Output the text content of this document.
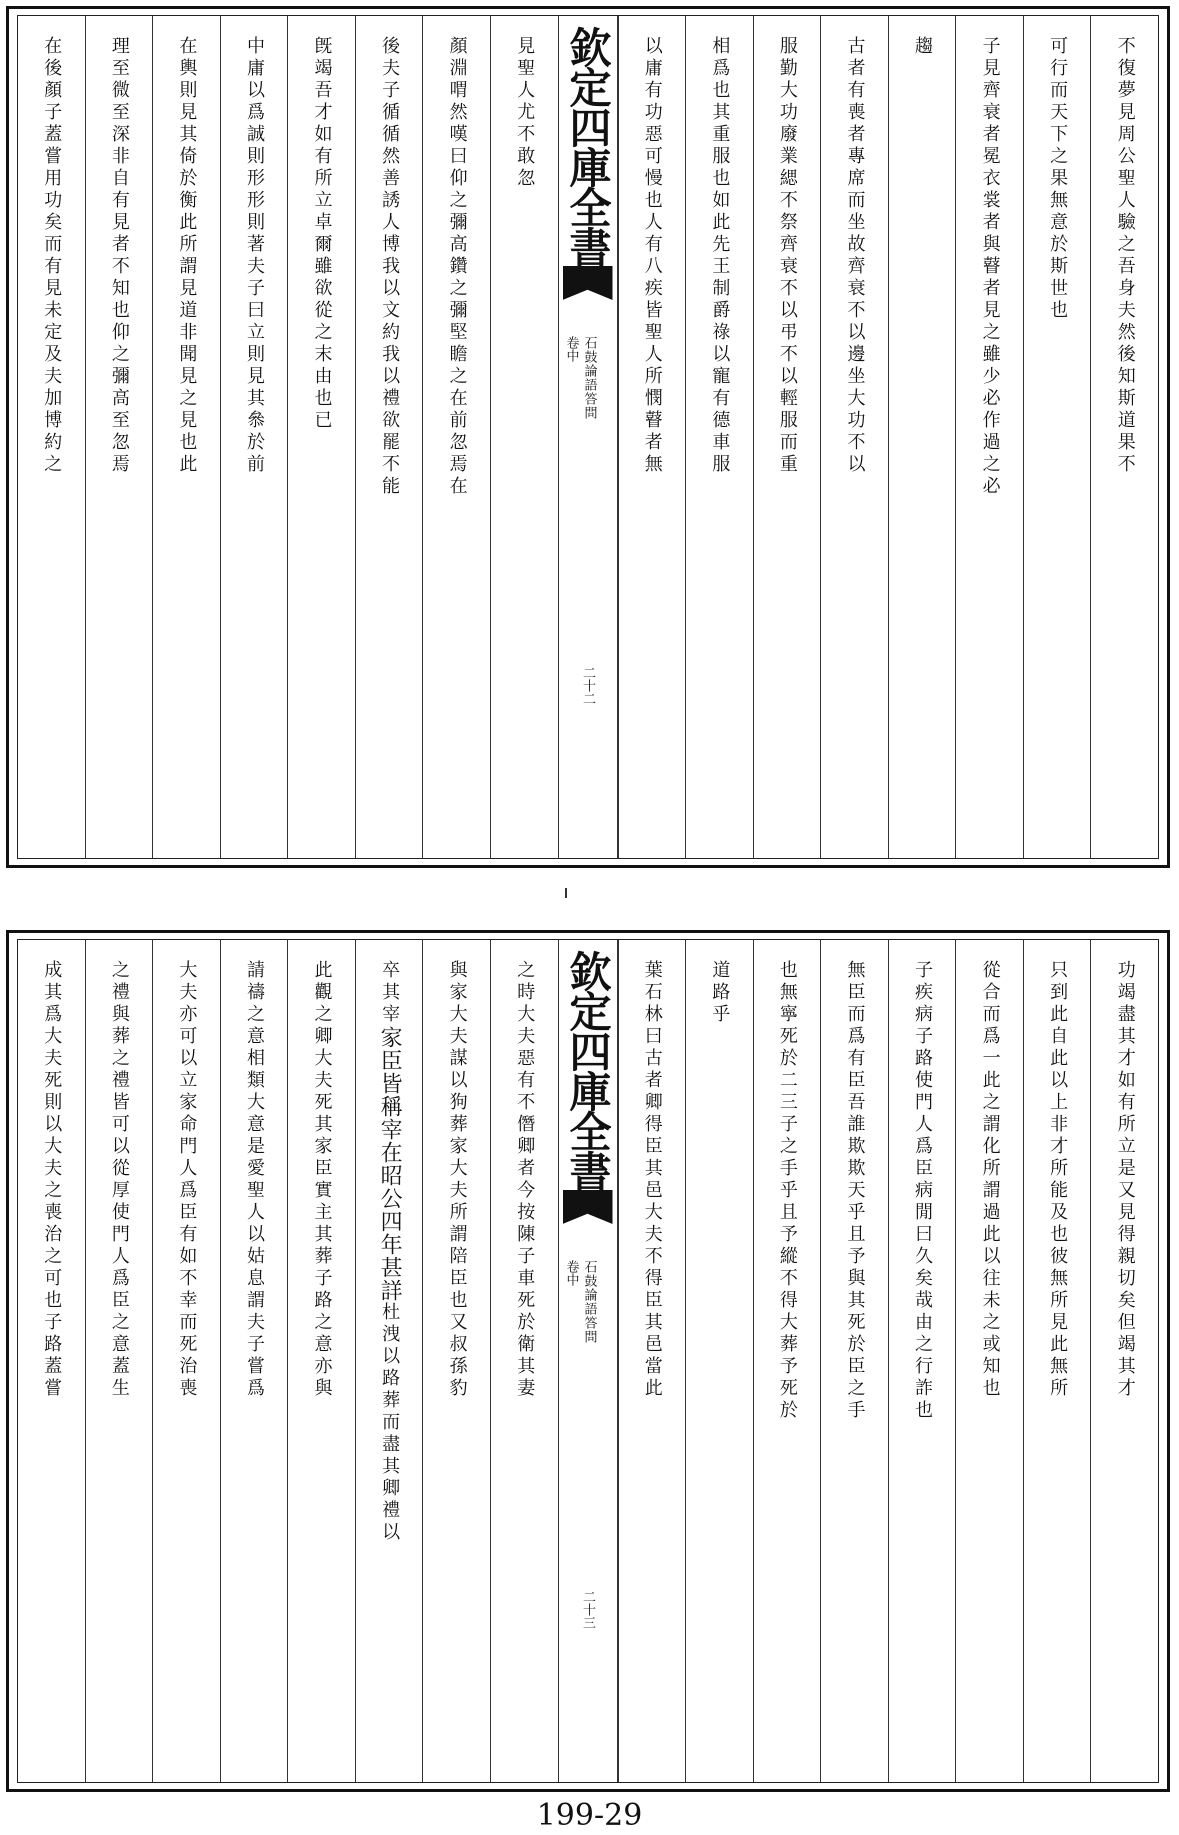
不復夢見周公聖人驗之吾身夫然後知斯道果不
可行而天下之果無意於斯世也
子見齊衰者冕衣裳者與瞽者見之雖少必作過之必
趨
古者有喪者專席而坐故齊衰不以邊坐大功不以
服勤大功廢業緦不祭齊衰不以弔不以輕服而重
相爲也其重服也如此先王制爵祿以寵有德車服
以庸有功惡可慢也人有八疾皆聖人所憫瞽者無
欽定四庫全書
石鼓論語答問
卷中
二十二
見聖人尤不敢忽
顏淵喟然嘆曰仰之彌高鑽之彌堅瞻之在前忽焉在
後夫子循循然善誘人博我以文約我以禮欲罷不能
旣竭吾才如有所立卓爾雖欲從之末由也已
中庸以爲誠則形形則著夫子曰立則見其叅於前
在輿則見其倚於衡此所謂見道非聞見之見也此
理至微至深非自有見者不知也仰之彌高至忽焉
在後顏子蓋嘗用功矣而有見未定及夫加博約之
功竭盡其才如有所立是又見得親切矣但竭其才
只到此自此以上非才所能及也彼無所見此無所
從合而爲一此之謂化所謂過此以往未之或知也
子疾病子路使門人爲臣病閒曰久矣哉由之行詐也
無臣而爲有臣吾誰欺欺天乎且予與其死於臣之手
也無寧死於二三子之手乎且予縱不得大葬予死於
道路乎
葉石林曰古者卿得臣其邑大夫不得臣其邑當此
欽定四庫全書
石鼓論語答問
卷中
二十三
之時大夫惡有不僭卿者今按陳子車死於衛其妻
與家大夫謀以狗葬家大夫所謂陪臣也又叔孫豹
卒其宰家臣皆稱宰在昭公四年甚詳杜洩以路葬而盡其卿禮以
此觀之卿大夫死其家臣實主其葬子路之意亦與
請禱之意相類大意是愛聖人以姑息謂夫子嘗爲
大夫亦可以立家命門人爲臣有如不幸而死治喪
之禮與葬之禮皆可以從厚使門人爲臣之意蓋生
成其爲大夫死則以大夫之喪治之可也子路蓋嘗
199-29
